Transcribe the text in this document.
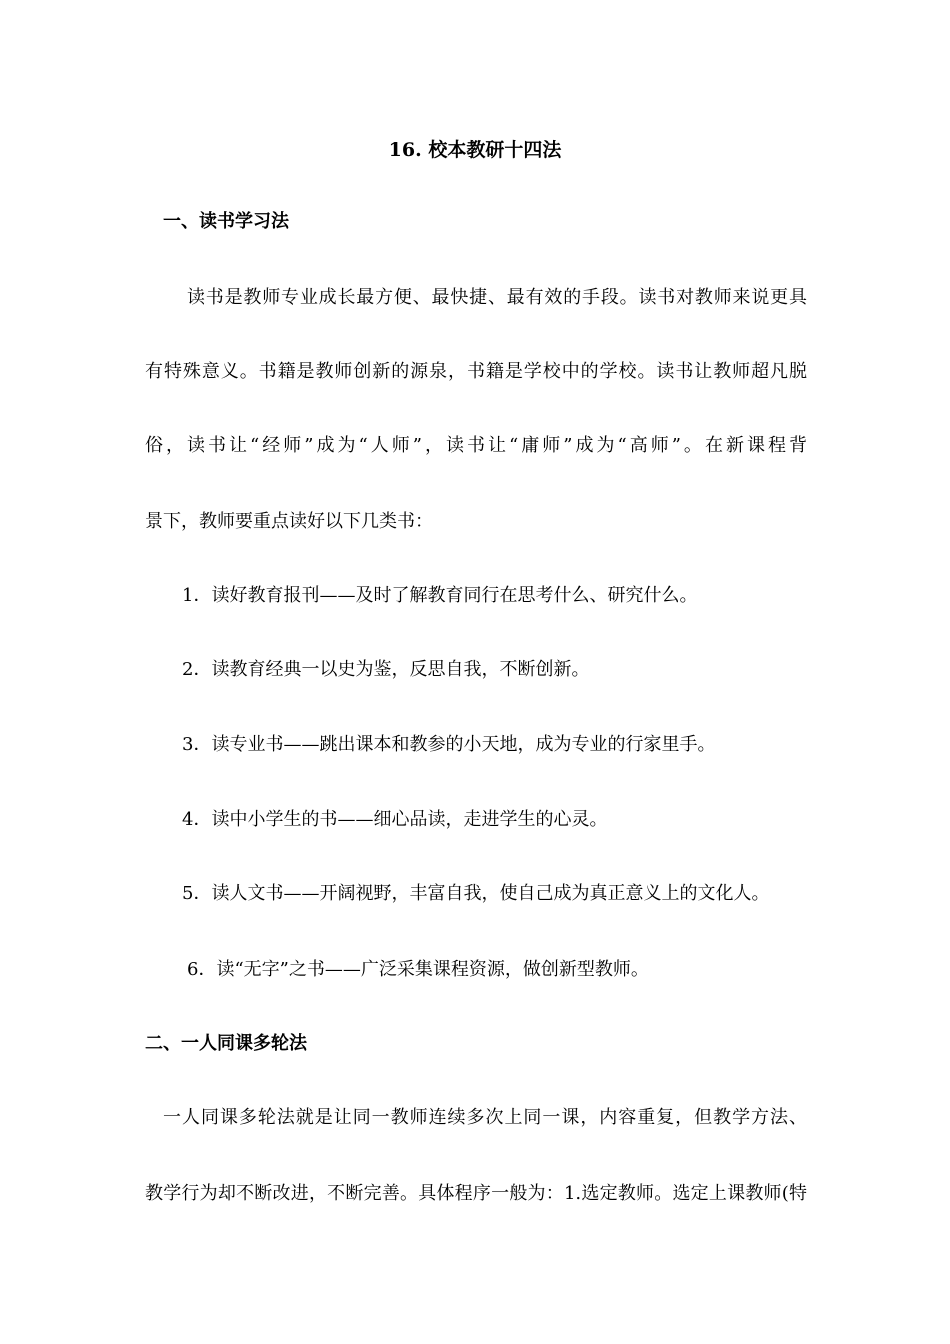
16. 校本教研十四法
一、读书学习法

读书是教师专业成长最方便、最快捷、最有效的手段。读书对教师来说更具

有特殊意义。书籍是教师创新的源泉，书籍是学校中的学校。读书让教师超凡脱

俗，读书让“经师”成为“人师”，读书让“庸师”成为“高师”。在新课程背

景下，教师要重点读好以下几类书：

1．读好教育报刊——及时了解教育同行在思考什么、研究什么。

2．读教育经典一以史为鉴，反思自我，不断创新。

3．读专业书——跳出课本和教参的小天地，成为专业的行家里手。

4．读中小学生的书——细心品读，走进学生的心灵。

5．读人文书——开阔视野，丰富自我，使自己成为真正意义上的文化人。

6．读“无字”之书——广泛采集课程资源，做创新型教师。

二、一人同课多轮法

一人同课多轮法就是让同一教师连续多次上同一课，内容重复，但教学方法、

教学行为却不断改进，不断完善。具体程序一般为：1.选定教师。选定上课教师(特
